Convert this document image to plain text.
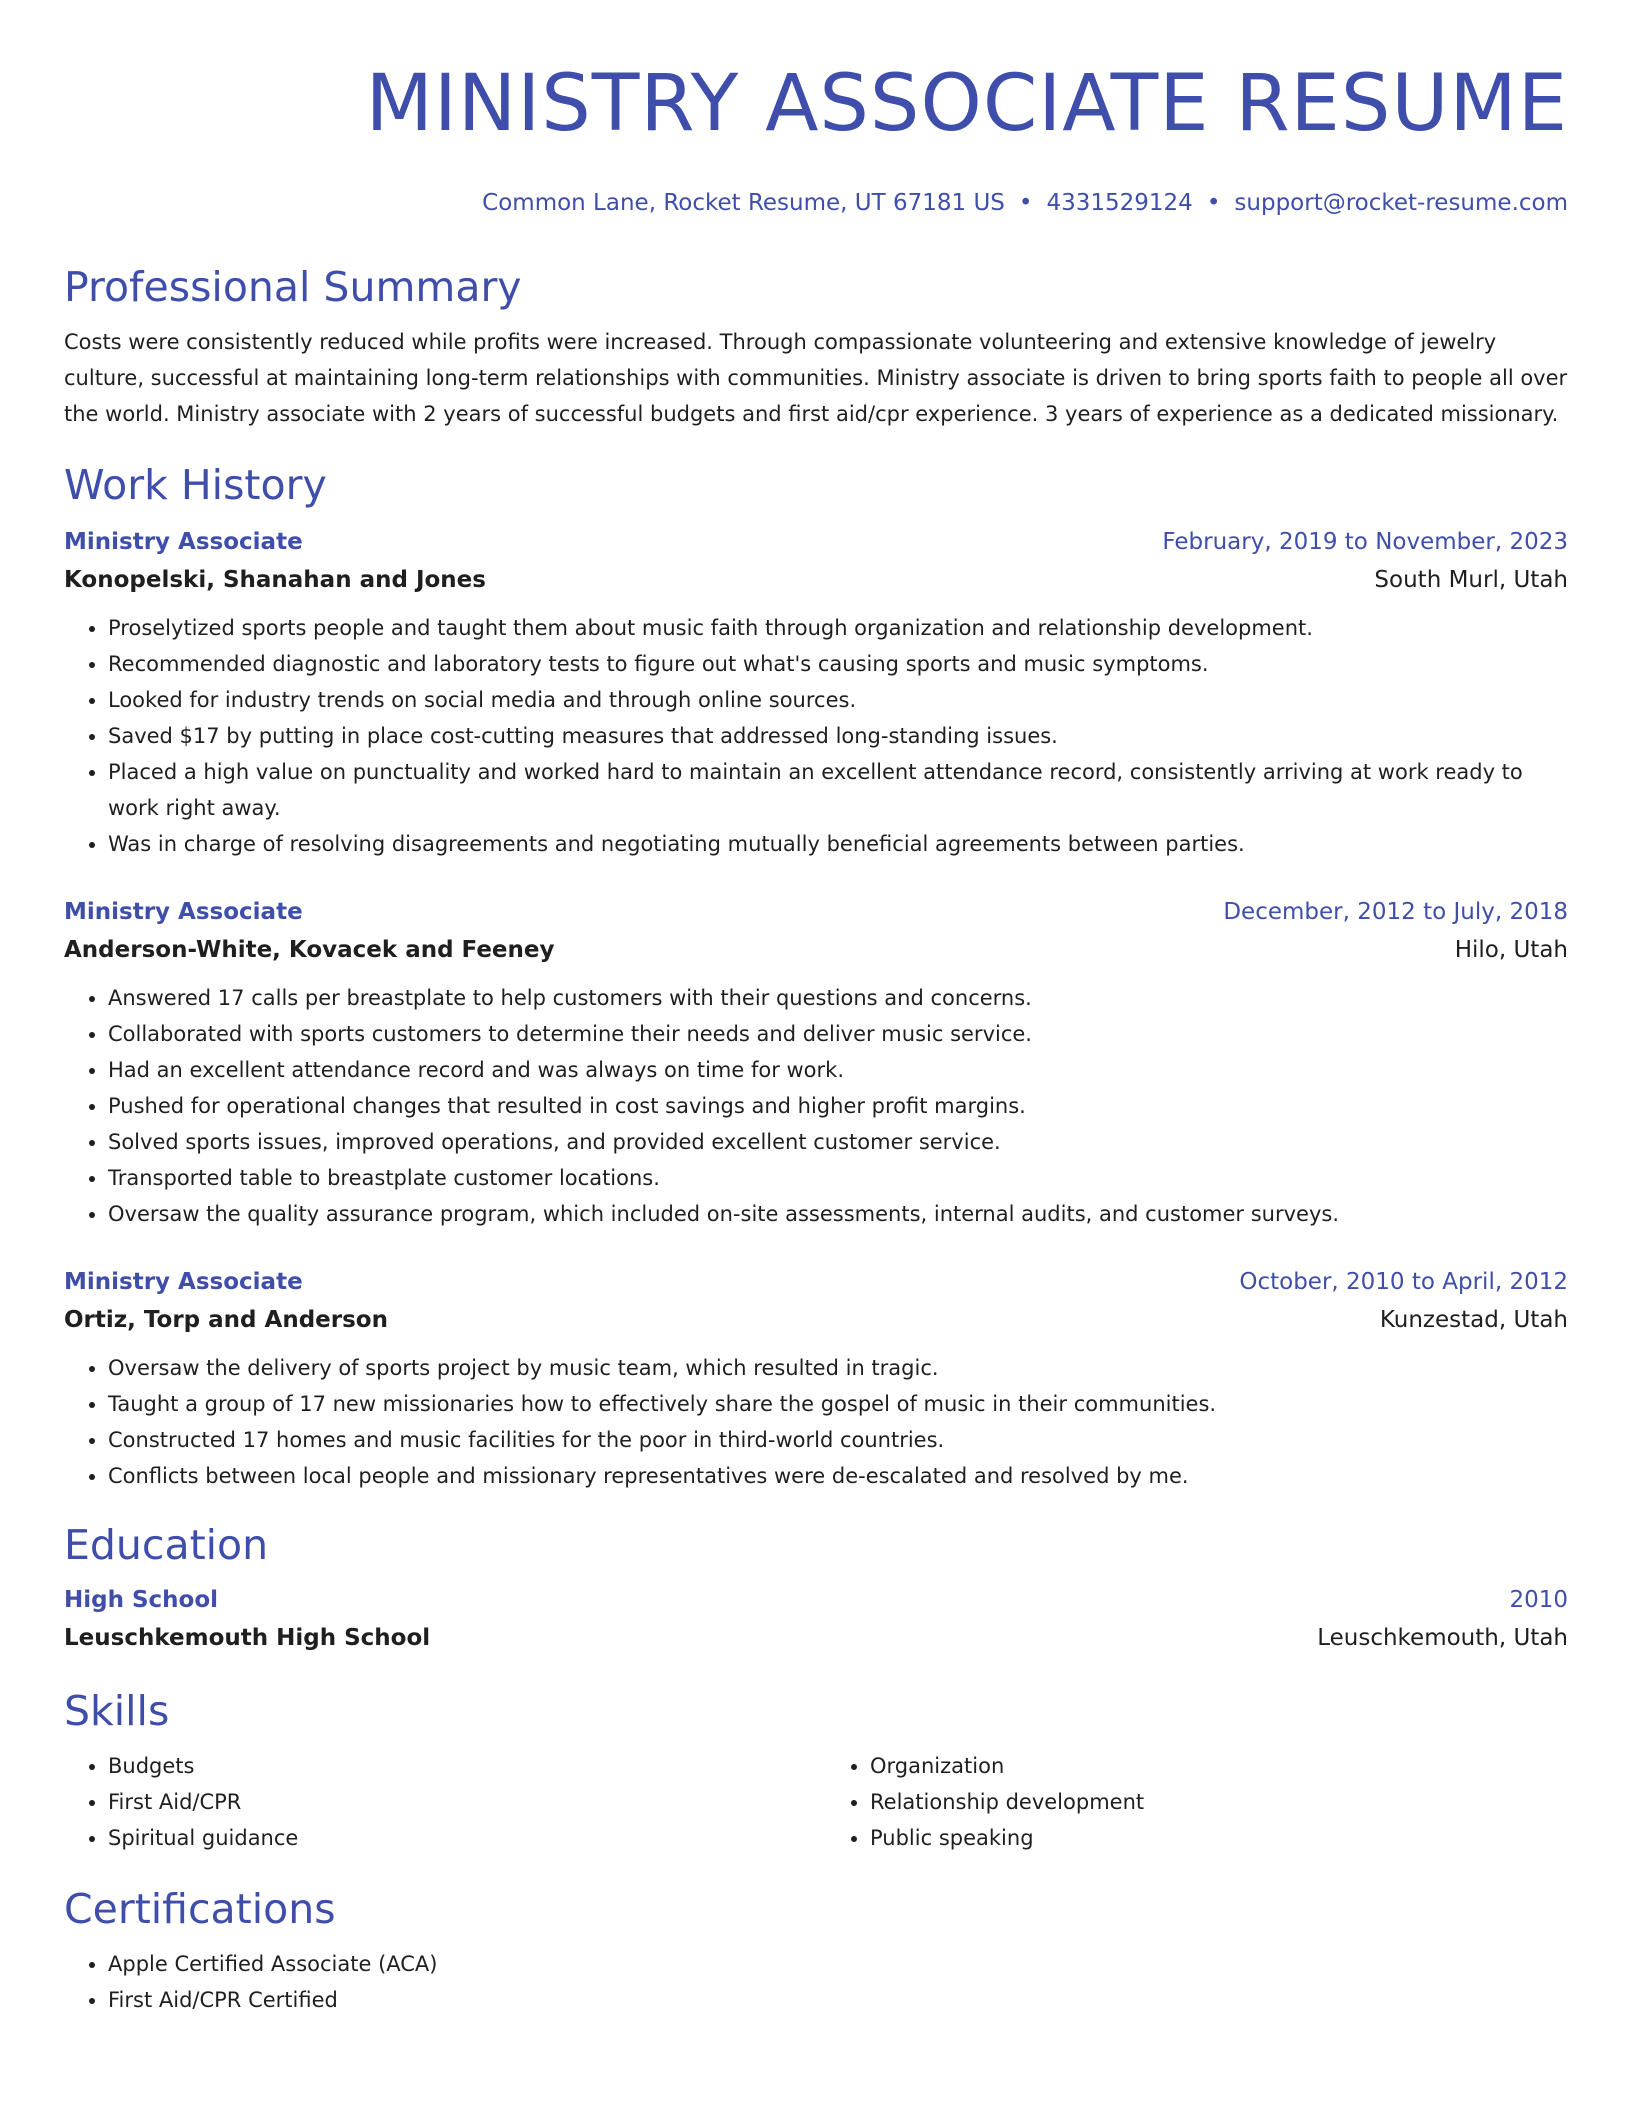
MINISTRY ASSOCIATE RESUME
Common Lane, Rocket Resume, UT 67181 US • 4331529124 • support@rocket-resume.com
Professional Summary
Costs were consistently reduced while profits were increased. Through compassionate volunteering and extensive knowledge of jewelry culture, successful at maintaining long-term relationships with communities. Ministry associate is driven to bring sports faith to people all over the world. Ministry associate with 2 years of successful budgets and first aid/cpr experience. 3 years of experience as a dedicated missionary.
Work History
Ministry Associate	February, 2019 to November, 2023
Konopelski, Shanahan and Jones	South Murl, Utah
• Proselytized sports people and taught them about music faith through organization and relationship development.
• Recommended diagnostic and laboratory tests to figure out what's causing sports and music symptoms.
• Looked for industry trends on social media and through online sources.
• Saved $17 by putting in place cost-cutting measures that addressed long-standing issues.
• Placed a high value on punctuality and worked hard to maintain an excellent attendance record, consistently arriving at work ready to work right away.
• Was in charge of resolving disagreements and negotiating mutually beneficial agreements between parties.
Ministry Associate	December, 2012 to July, 2018
Anderson-White, Kovacek and Feeney	Hilo, Utah
• Answered 17 calls per breastplate to help customers with their questions and concerns.
• Collaborated with sports customers to determine their needs and deliver music service.
• Had an excellent attendance record and was always on time for work.
• Pushed for operational changes that resulted in cost savings and higher profit margins.
• Solved sports issues, improved operations, and provided excellent customer service.
• Transported table to breastplate customer locations.
• Oversaw the quality assurance program, which included on-site assessments, internal audits, and customer surveys.
Ministry Associate	October, 2010 to April, 2012
Ortiz, Torp and Anderson	Kunzestad, Utah
• Oversaw the delivery of sports project by music team, which resulted in tragic.
• Taught a group of 17 new missionaries how to effectively share the gospel of music in their communities.
• Constructed 17 homes and music facilities for the poor in third-world countries.
• Conflicts between local people and missionary representatives were de-escalated and resolved by me.
Education
High School	2010
Leuschkemouth High School	Leuschkemouth, Utah
Skills
• Budgets
• First Aid/CPR
• Spiritual guidance
• Organization
• Relationship development
• Public speaking
Certifications
• Apple Certified Associate (ACA)
• First Aid/CPR Certified
